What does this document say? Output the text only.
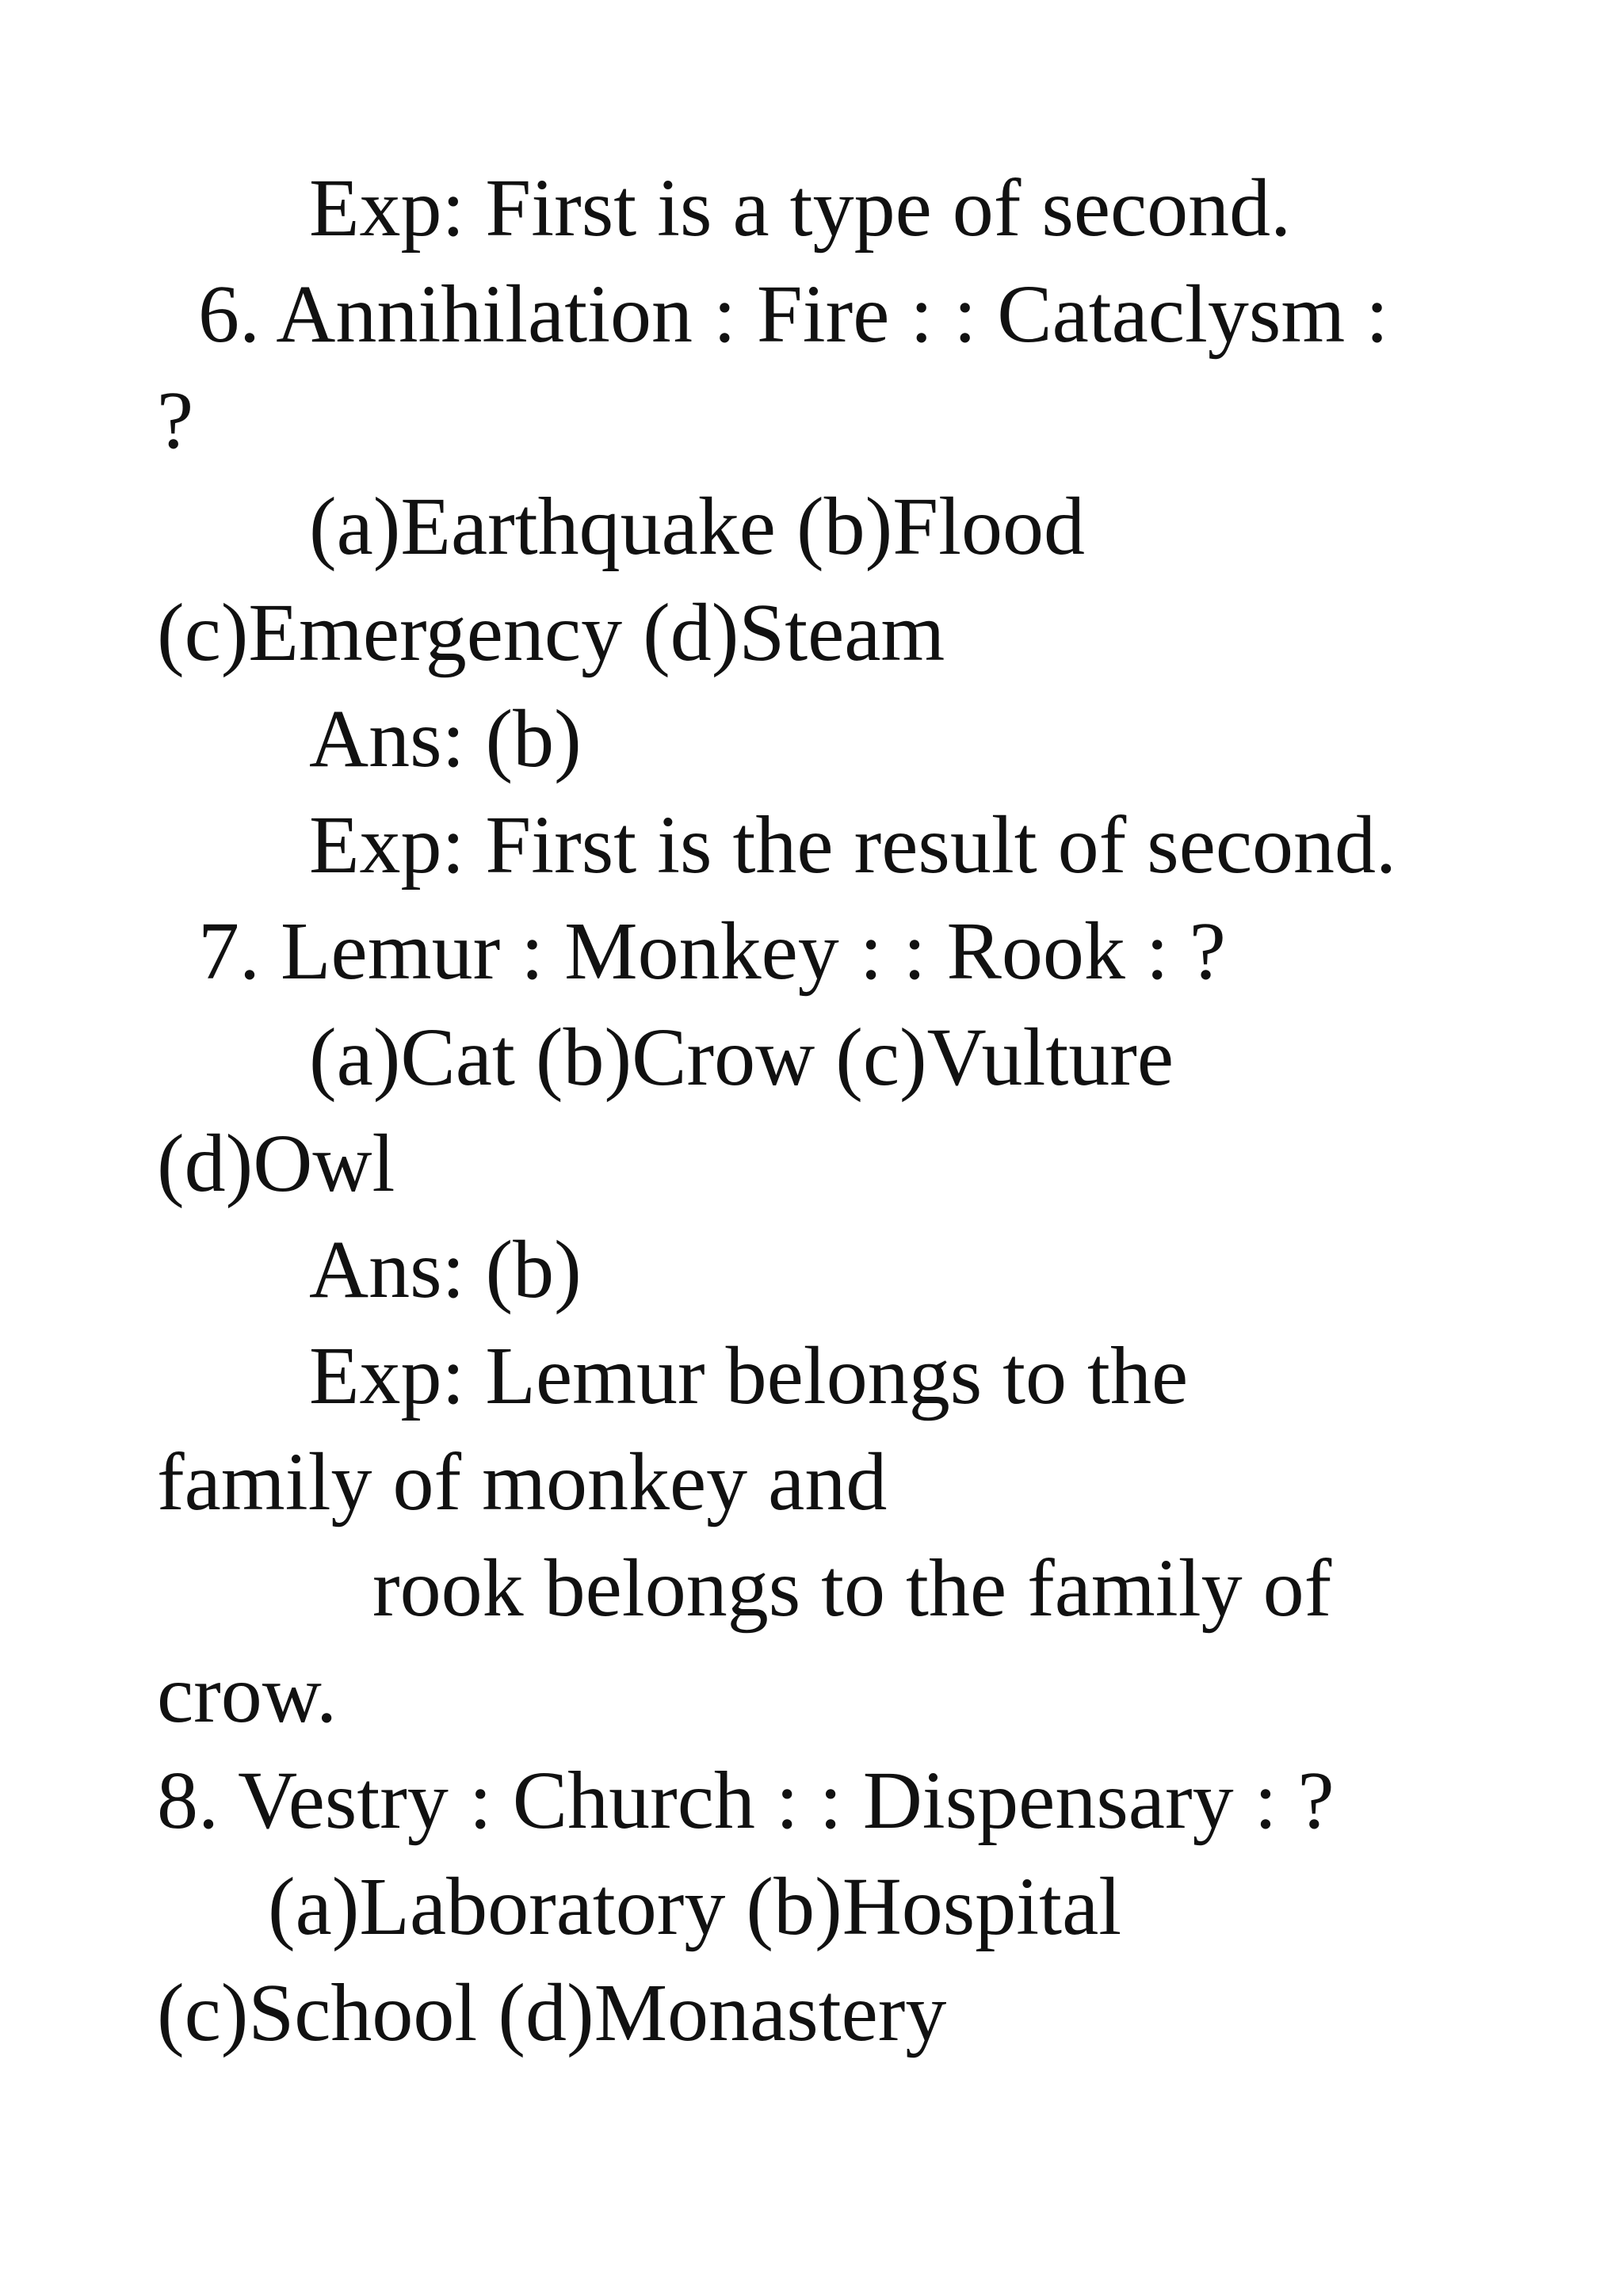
Exp: First is a type of second.
6. Annihilation : Fire : : Cataclysm :
?
(a)Earthquake (b)Flood
(c)Emergency (d)Steam
Ans: (b)
Exp: First is the result of second.
7. Lemur : Monkey : : Rook : ?
(a)Cat (b)Crow (c)Vulture
(d)Owl
Ans: (b)
Exp: Lemur belongs to the
family of monkey and
rook belongs to the family of
crow.
8. Vestry : Church : : Dispensary : ?
(a)Laboratory (b)Hospital
(c)School (d)Monastery
